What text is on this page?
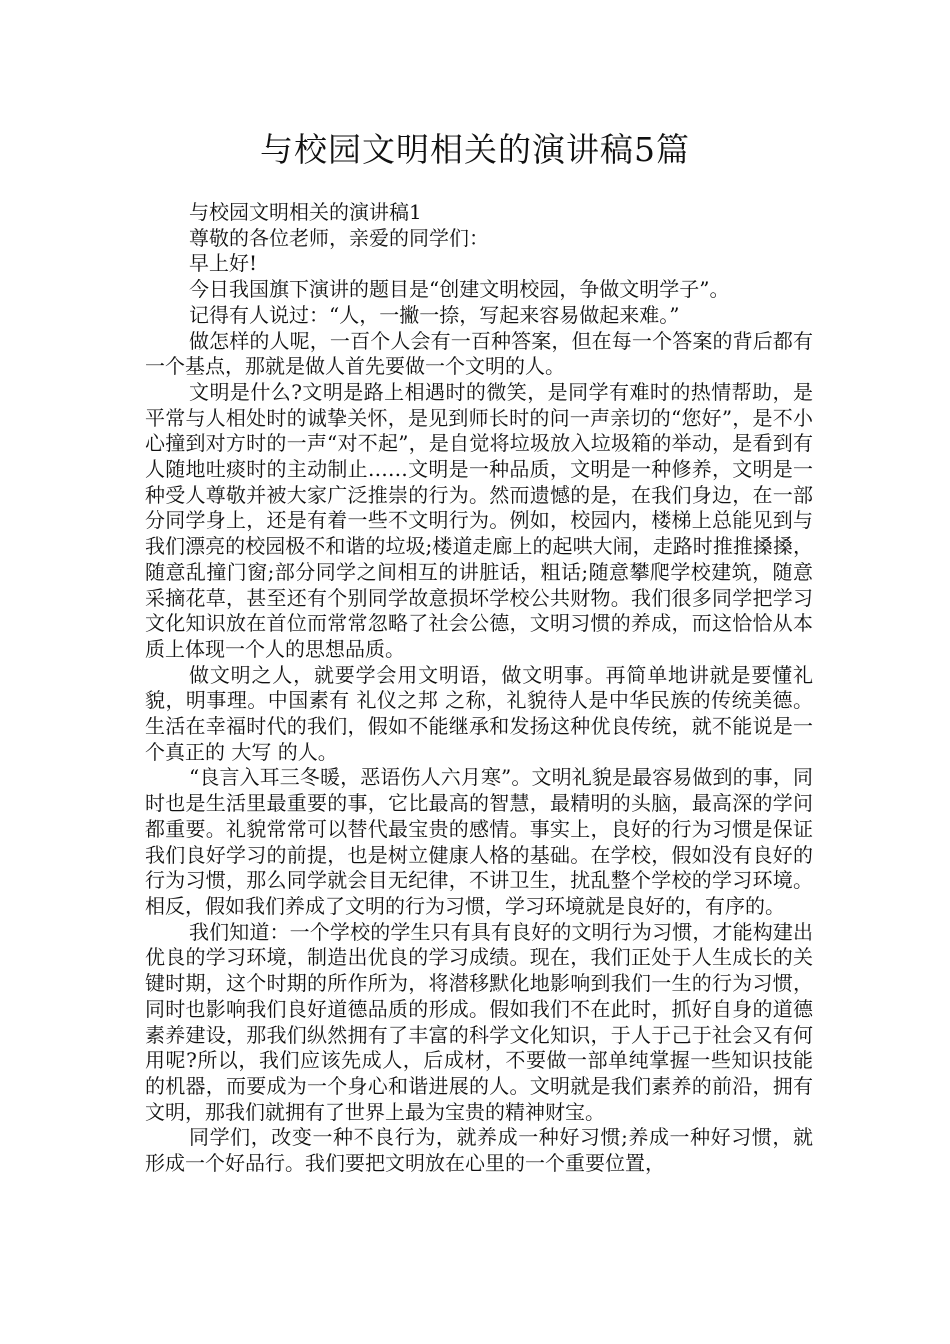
与校园文明相关的演讲稿5篇

与校园文明相关的演讲稿1

尊敬的各位老师，亲爱的同学们：

早上好!

今日我国旗下演讲的题目是“创建文明校园，争做文明学子”。

记得有人说过：“人，一撇一捺，写起来容易做起来难。”

做怎样的人呢，一百个人会有一百种答案，但在每一个答案的背后都有一个基点，那就是做人首先要做一个文明的人。

文明是什么?文明是路上相遇时的微笑，是同学有难时的热情帮助，是平常与人相处时的诚挚关怀，是见到师长时的问一声亲切的“您好”，是不小心撞到对方时的一声“对不起”，是自觉将垃圾放入垃圾箱的举动，是看到有人随地吐痰时的主动制止……文明是一种品质，文明是一种修养，文明是一种受人尊敬并被大家广泛推崇的行为。然而遗憾的是，在我们身边，在一部分同学身上，还是有着一些不文明行为。例如，校园内，楼梯上总能见到与我们漂亮的校园极不和谐的垃圾;楼道走廊上的起哄大闹，走路时推推搡搡，随意乱撞门窗;部分同学之间相互的讲脏话，粗话;随意攀爬学校建筑，随意采摘花草，甚至还有个别同学故意损坏学校公共财物。我们很多同学把学习文化知识放在首位而常常忽略了社会公德，文明习惯的养成，而这恰恰从本质上体现一个人的思想品质。

做文明之人，就要学会用文明语，做文明事。再简单地讲就是要懂礼貌，明事理。中国素有 礼仪之邦 之称，礼貌待人是中华民族的传统美德。生活在幸福时代的我们，假如不能继承和发扬这种优良传统，就不能说是一个真正的 大写 的人。

“良言入耳三冬暖，恶语伤人六月寒”。文明礼貌是最容易做到的事，同时也是生活里最重要的事，它比最高的智慧，最精明的头脑，最高深的学问都重要。礼貌常常可以替代最宝贵的感情。事实上，良好的行为习惯是保证我们良好学习的前提，也是树立健康人格的基础。在学校，假如没有良好的行为习惯，那么同学就会目无纪律，不讲卫生，扰乱整个学校的学习环境。相反，假如我们养成了文明的行为习惯，学习环境就是良好的，有序的。

我们知道：一个学校的学生只有具有良好的文明行为习惯，才能构建出优良的学习环境，制造出优良的学习成绩。现在，我们正处于人生成长的关键时期，这个时期的所作所为，将潜移默化地影响到我们一生的行为习惯，同时也影响我们良好道德品质的形成。假如我们不在此时，抓好自身的道德素养建设，那我们纵然拥有了丰富的科学文化知识，于人于己于社会又有何用呢?所以，我们应该先成人，后成材，不要做一部单纯掌握一些知识技能的机器，而要成为一个身心和谐进展的人。文明就是我们素养的前沿，拥有文明，那我们就拥有了世界上最为宝贵的精神财宝。

同学们，改变一种不良行为，就养成一种好习惯;养成一种好习惯，就形成一个好品行。我们要把文明放在心里的一个重要位置，
